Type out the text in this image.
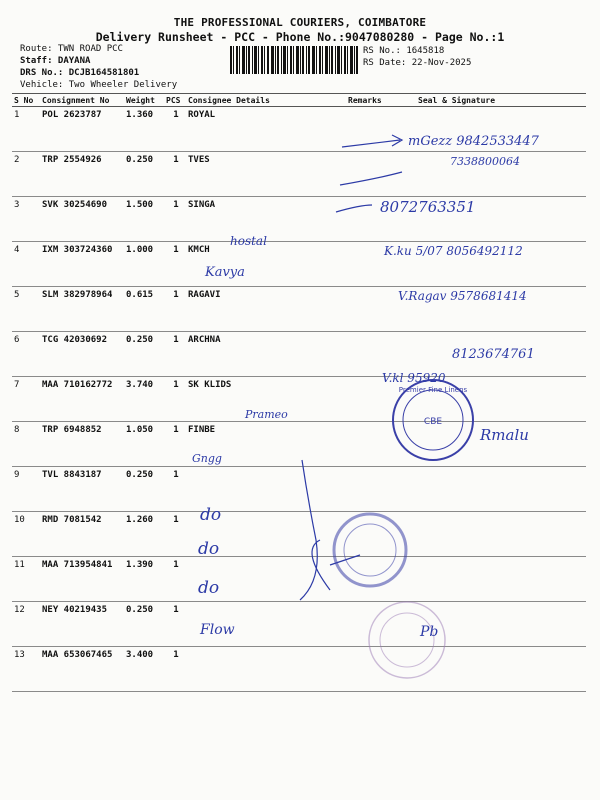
THE PROFESSIONAL COURIERS, COIMBATORE
Delivery Runsheet - PCC - Phone No.:9047080280 - Page No.:1
Route: TWN ROAD PCC
Staff: DAYANA
DRS No.: DCJB164581801
Vehicle: Two Wheeler Delivery
RS No.: 1645818
RS Date: 22-Nov-2025
S No	Consignment No	Weight	PCS	Consignee Details	Remarks	Seal & Signature
1	POL 2623787	1.360	1	ROYAL		
2	TRP 2554926	0.250	1	TVES		
3	SVK 30254690	1.500	1	SINGA		
4	IXM 303724360	1.000	1	KMCH		
5	SLM 382978964	0.615	1	RAGAVI		
6	TCG 42030692	0.250	1	ARCHNA		
7	MAA 710162772	3.740	1	SK KLIDS		
8	TRP 6948852	1.050	1	FINBE		
9	TVL 8843187	0.250	1			
10	RMD 7081542	1.260	1			
11	MAA 713954841	1.390	1			
12	NEY 40219435	0.250	1			
13	MAA 653067465	3.400	1			
CBE
Premier Fine Linens
mGezz 9842533447
7338800064
8072763351
hostal
K.ku 5/07 8056492112
Kavya
V.Ragav 9578681414
8123674761
V.kl 95920
Prameo
Rmalu
Gngg
do
do
do
Flow	Pb
